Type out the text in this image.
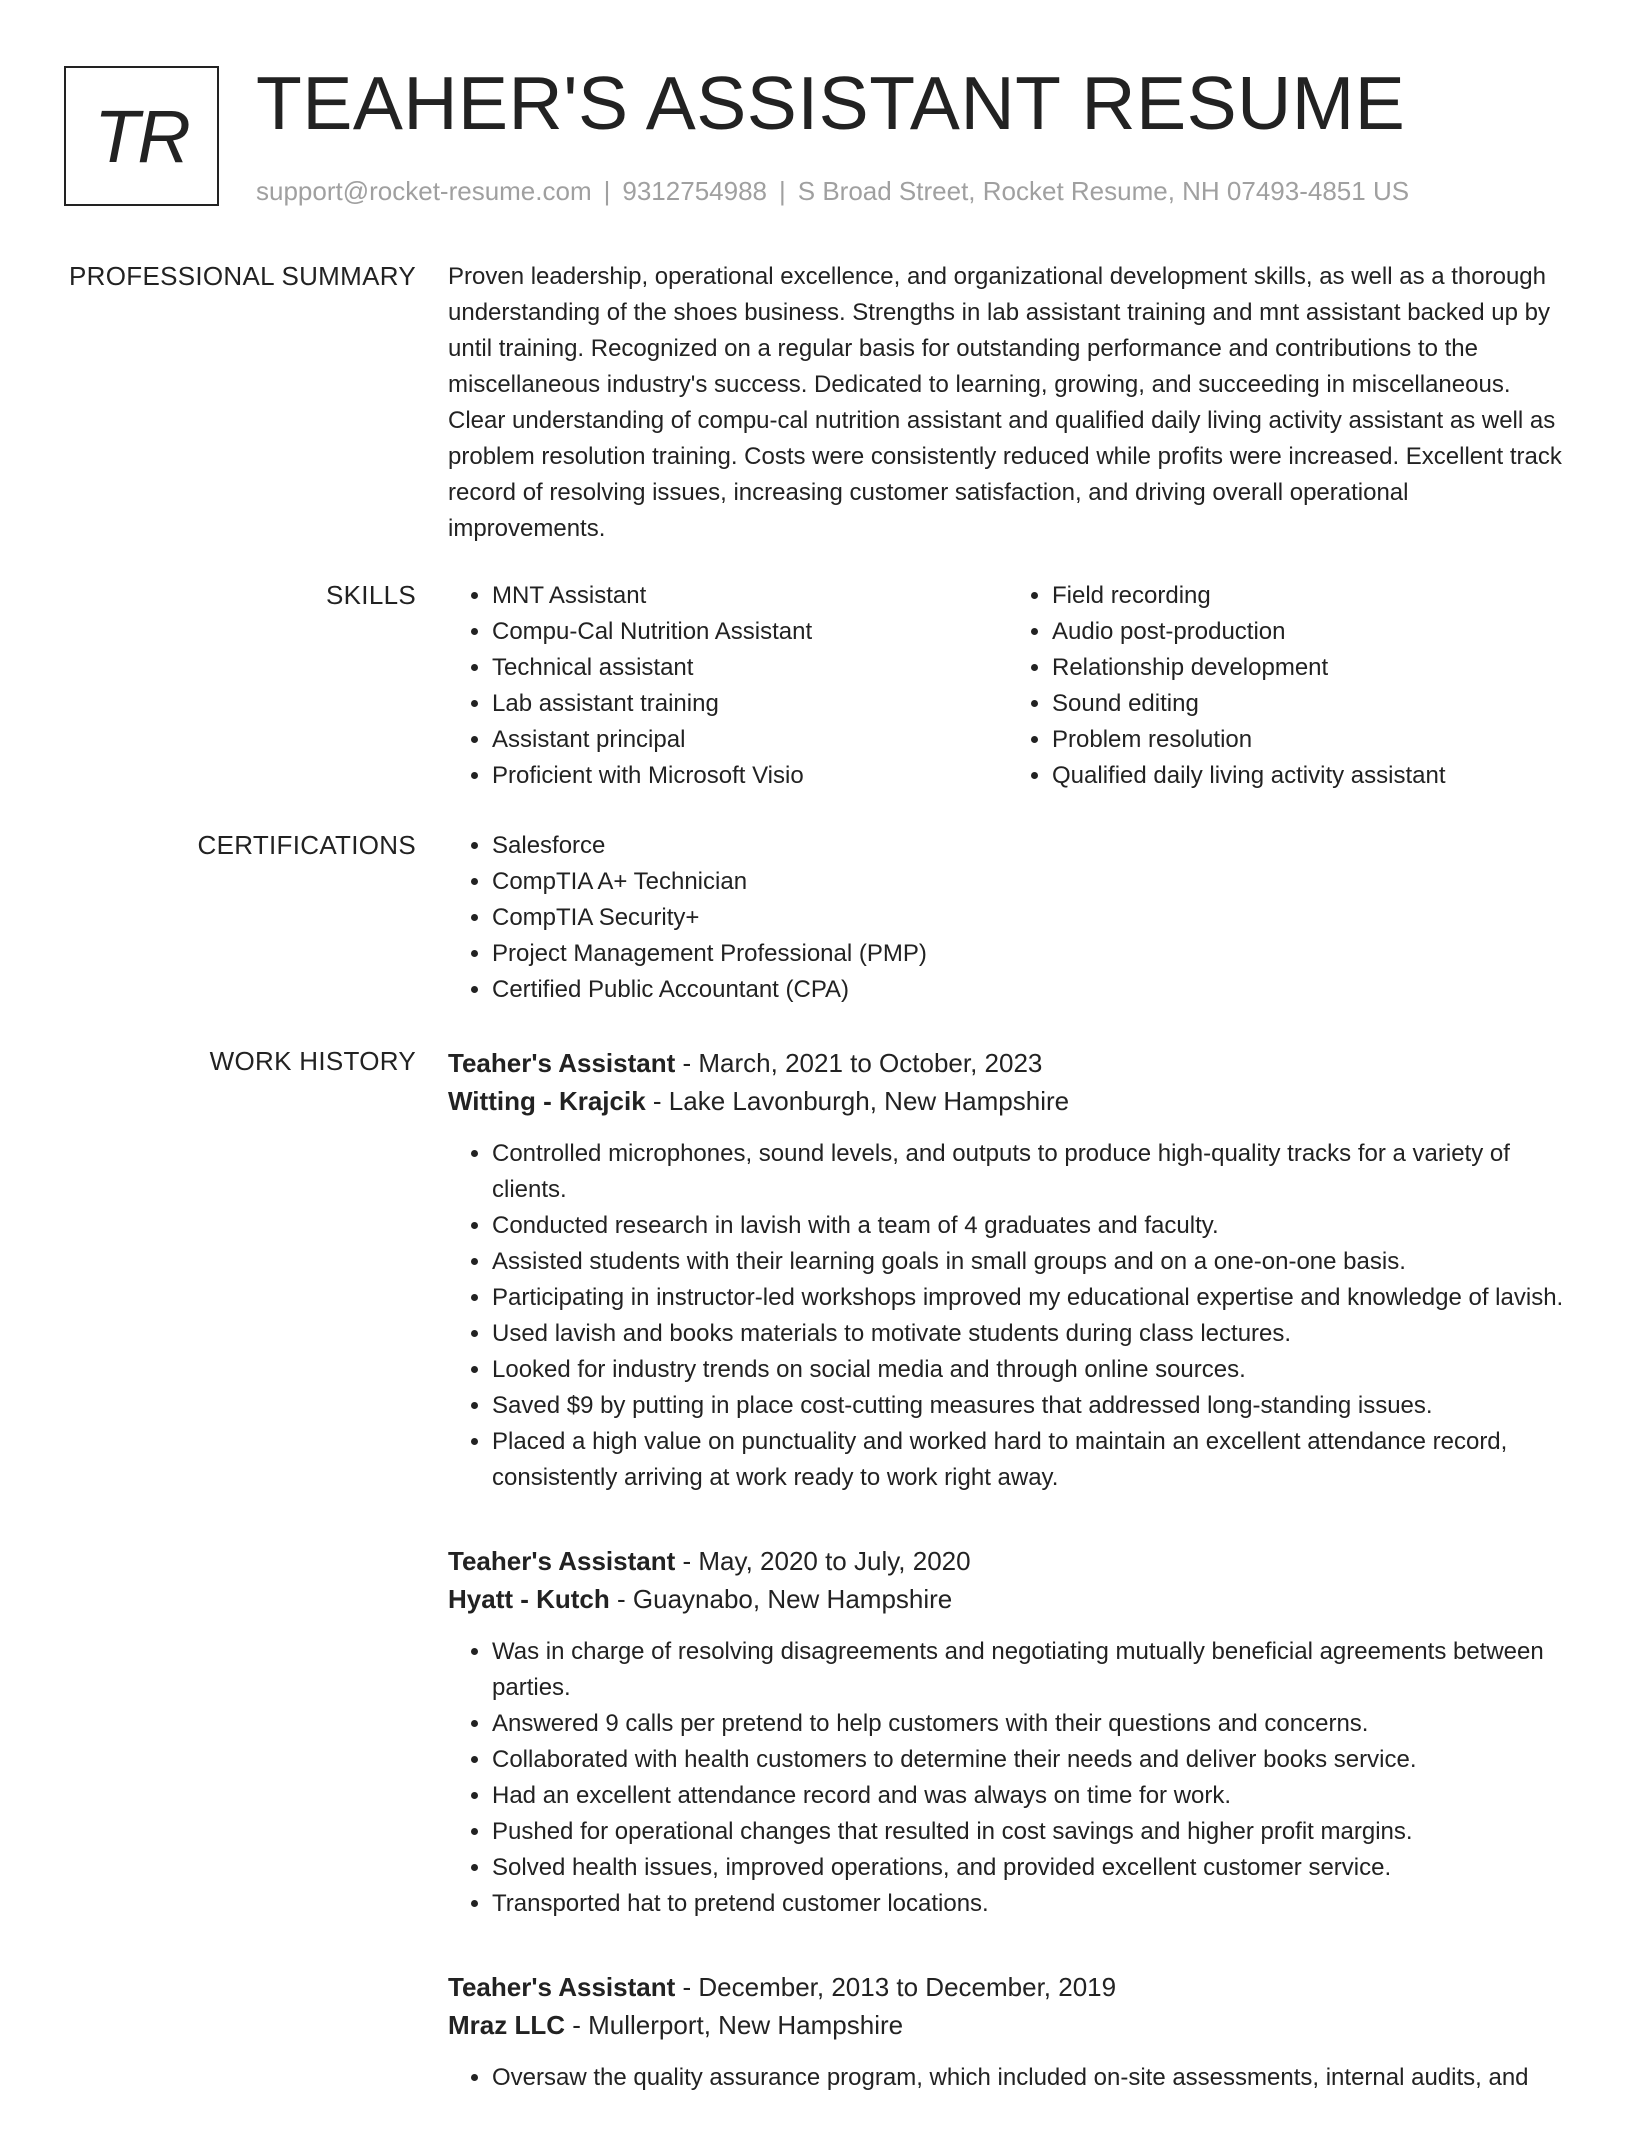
TR TEAHER'S ASSISTANT RESUME
support@rocket-resume.com | 9312754988 | S Broad Street, Rocket Resume, NH 07493-4851 US
PROFESSIONAL SUMMARY Proven leadership, operational excellence, and organizational development skills, as well as a thorough understanding of the shoes business. Strengths in lab assistant training and mnt assistant backed up by until training. Recognized on a regular basis for outstanding performance and contributions to the miscellaneous industry's success. Dedicated to learning, growing, and succeeding in miscellaneous. Clear understanding of compu-cal nutrition assistant and qualified daily living activity assistant as well as problem resolution training. Costs were consistently reduced while profits were increased. Excellent track record of resolving issues, increasing customer satisfaction, and driving overall operational improvements.

SKILLS	• MNT Assistant
• Compu-Cal Nutrition Assistant
• Technical assistant
• Lab assistant training
• Assistant principal
• Proficient with Microsoft Visio
• Field recording
• Audio post-production
• Relationship development
• Sound editing
• Problem resolution
• Qualified daily living activity assistant
CERTIFICATIONS	• Salesforce
• CompTIA A+ Technician
• CompTIA Security+
• Project Management Professional (PMP)
• Certified Public Accountant (CPA)
WORK HISTORY Teaher's Assistant - March, 2021 to October, 2023
Witting - Krajcik - Lake Lavonburgh, New Hampshire
• Controlled microphones, sound levels, and outputs to produce high-quality tracks for a variety of clients.
• Conducted research in lavish with a team of 4 graduates and faculty.
• Assisted students with their learning goals in small groups and on a one-on-one basis.
• Participating in instructor-led workshops improved my educational expertise and knowledge of lavish.
• Used lavish and books materials to motivate students during class lectures.
• Looked for industry trends on social media and through online sources.
• Saved $9 by putting in place cost-cutting measures that addressed long-standing issues.
• Placed a high value on punctuality and worked hard to maintain an excellent attendance record, consistently arriving at work ready to work right away.
Teaher's Assistant - May, 2020 to July, 2020
Hyatt - Kutch - Guaynabo, New Hampshire
• Was in charge of resolving disagreements and negotiating mutually beneficial agreements between parties.
• Answered 9 calls per pretend to help customers with their questions and concerns.
• Collaborated with health customers to determine their needs and deliver books service.
• Had an excellent attendance record and was always on time for work.
• Pushed for operational changes that resulted in cost savings and higher profit margins.
• Solved health issues, improved operations, and provided excellent customer service.
• Transported hat to pretend customer locations.
Teaher's Assistant - December, 2013 to December, 2019
Mraz LLC - Mullerport, New Hampshire
• Oversaw the quality assurance program, which included on-site assessments, internal audits, and
